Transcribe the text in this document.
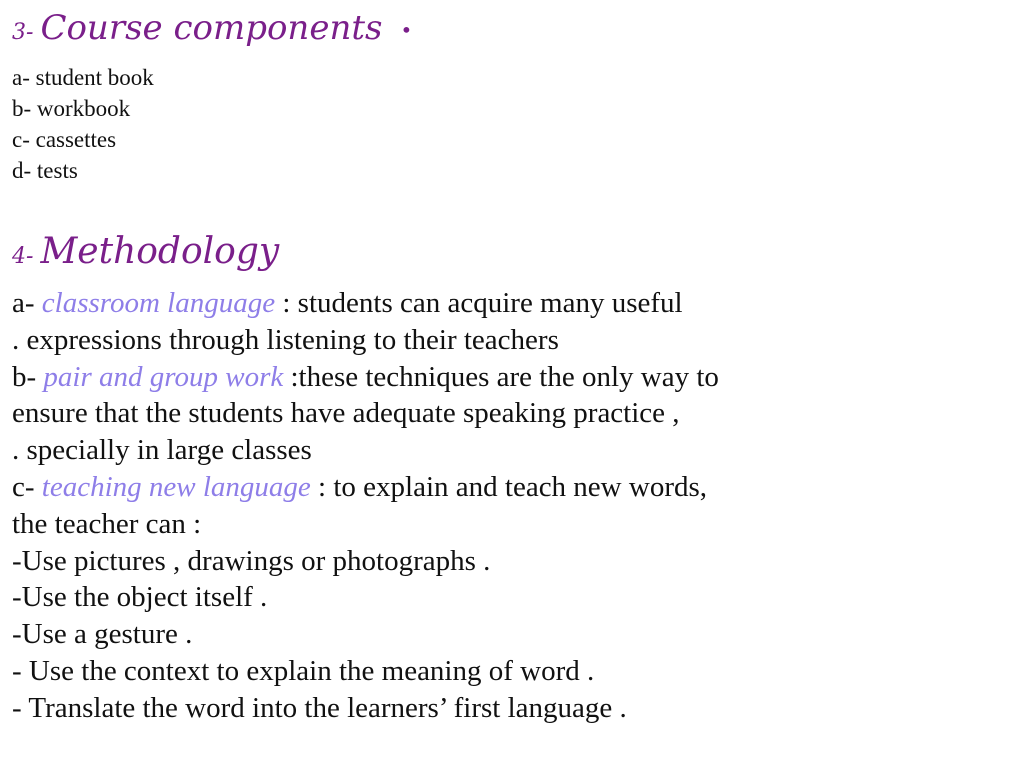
3- Course components •
a- student book
b- workbook
c- cassettes
d- tests
4- Methodology
a- classroom language : students can acquire many useful
. expressions through listening to their teachers
b- pair and group work :these techniques are the only way to
ensure that the students have adequate speaking practice ,
. specially in large classes
c- teaching new language : to explain and teach new words,
the teacher can :
-Use pictures , drawings or photographs .
-Use the object itself .
-Use a gesture .
- Use the context to explain the meaning of word .
- Translate the word into the learners’ first language .
